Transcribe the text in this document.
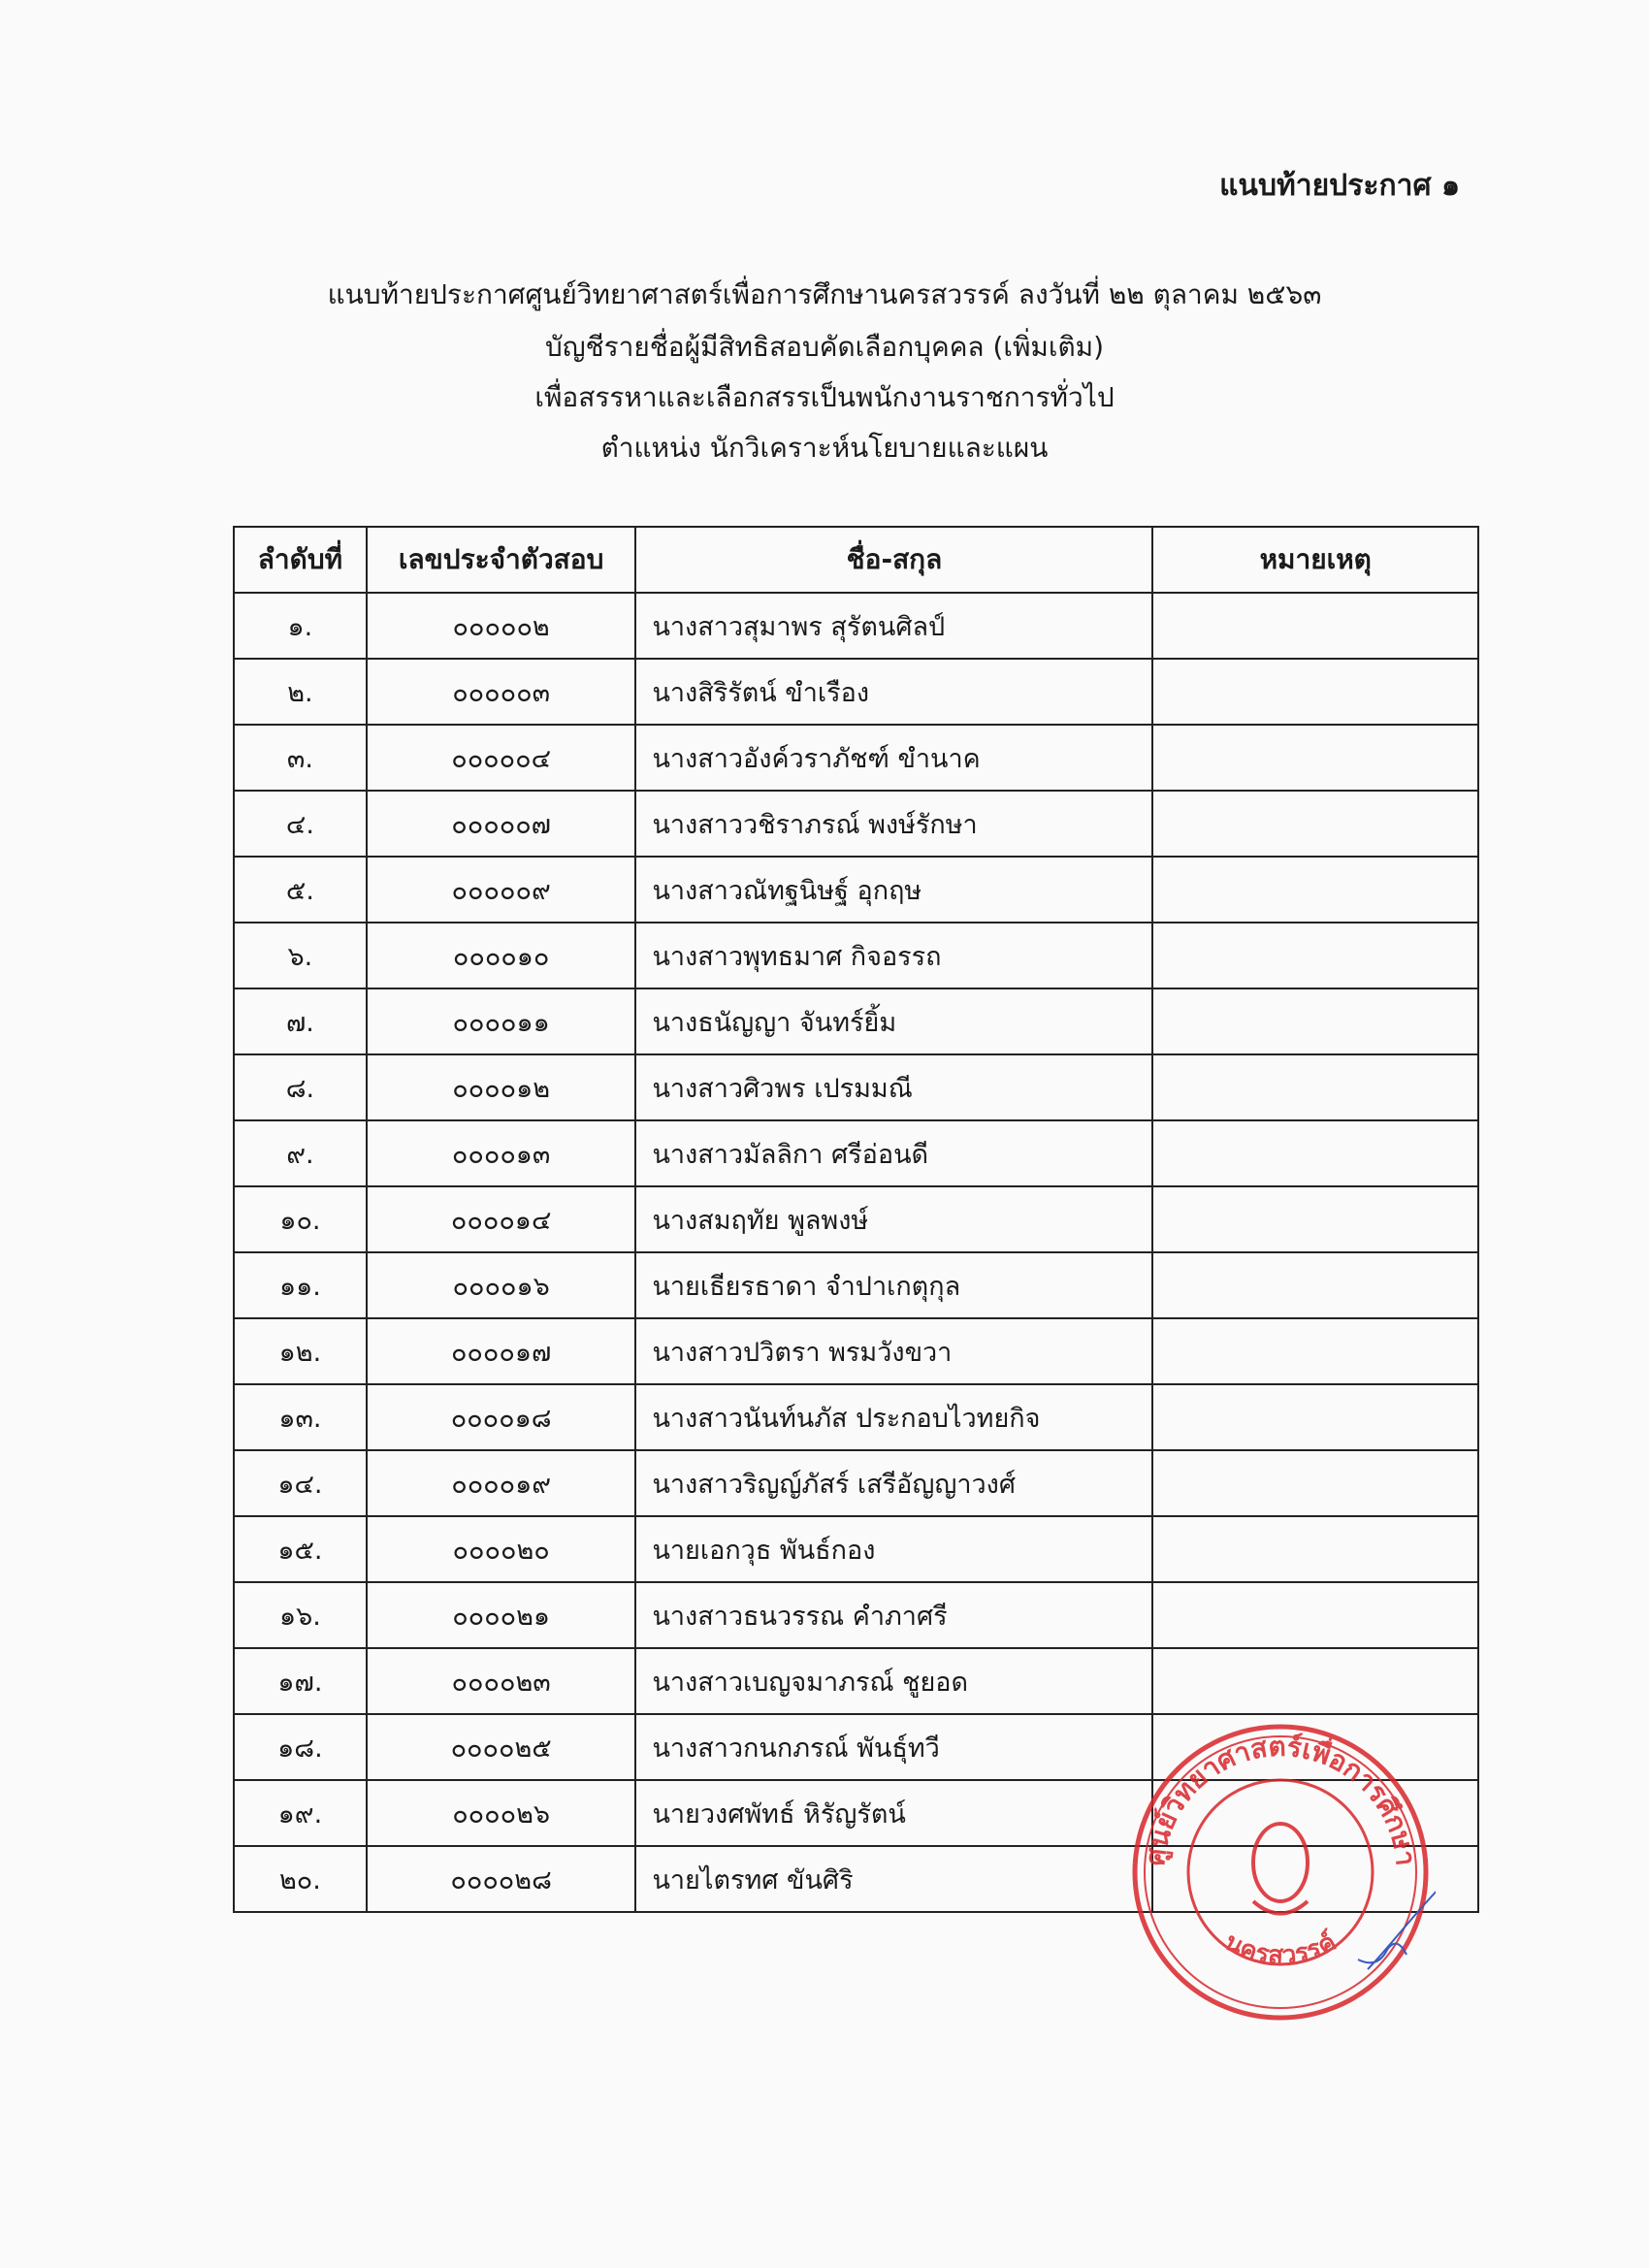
แนบท้ายประกาศ ๑
แนบท้ายประกาศศูนย์วิทยาศาสตร์เพื่อการศึกษานครสวรรค์ ลงวันที่ ๒๒ ตุลาคม ๒๕๖๓
บัญชีรายชื่อผู้มีสิทธิสอบคัดเลือกบุคคล (เพิ่มเติม)
เพื่อสรรหาและเลือกสรรเป็นพนักงานราชการทั่วไป
ตำแหน่ง นักวิเคราะห์นโยบายและแผน
ลำดับที่	เลขประจำตัวสอบ	ชื่อ-สกุล	หมายเหตุ
๑.	๐๐๐๐๐๒	นางสาวสุมาพร สุรัตนศิลป์	
๒.	๐๐๐๐๐๓	นางสิริรัตน์ ขำเรือง	
๓.	๐๐๐๐๐๔	นางสาวอังค์วราภัชฑ์ ขำนาค	
๔.	๐๐๐๐๐๗	นางสาววชิราภรณ์ พงษ์รักษา	
๕.	๐๐๐๐๐๙	นางสาวณัทฐนิษฐ์ อุกฤษ	
๖.	๐๐๐๐๑๐	นางสาวพุทธมาศ กิจอรรถ	
๗.	๐๐๐๐๑๑	นางธนัญญา จันทร์ยิ้ม	
๘.	๐๐๐๐๑๒	นางสาวศิวพร เปรมมณี	
๙.	๐๐๐๐๑๓	นางสาวมัลลิกา ศรีอ่อนดี	
๑๐.	๐๐๐๐๑๔	นางสมฤทัย พูลพงษ์	
๑๑.	๐๐๐๐๑๖	นายเธียรธาดา จำปาเกตุกุล	
๑๒.	๐๐๐๐๑๗	นางสาวปวิตรา พรมวังขวา	
๑๓.	๐๐๐๐๑๘	นางสาวนันท์นภัส ประกอบไวทยกิจ	
๑๔.	๐๐๐๐๑๙	นางสาวริญญ์ภัสร์ เสรีอัญญาวงศ์	
๑๕.	๐๐๐๐๒๐	นายเอกวุธ พันธ์กอง	
๑๖.	๐๐๐๐๒๑	นางสาวธนวรรณ คำภาศรี	
๑๗.	๐๐๐๐๒๓	นางสาวเบญจมาภรณ์ ชูยอด	
๑๘.	๐๐๐๐๒๕	นางสาวกนกภรณ์ พันธุ์ทวี	
๑๙.	๐๐๐๐๒๖	นายวงศพัทธ์ หิรัญรัตน์	
๒๐.	๐๐๐๐๒๘	นายไตรทศ ขันศิริ	
ศูนย์วิทยาศาสตร์เพื่อการศึกษา
นครสวรรค์
